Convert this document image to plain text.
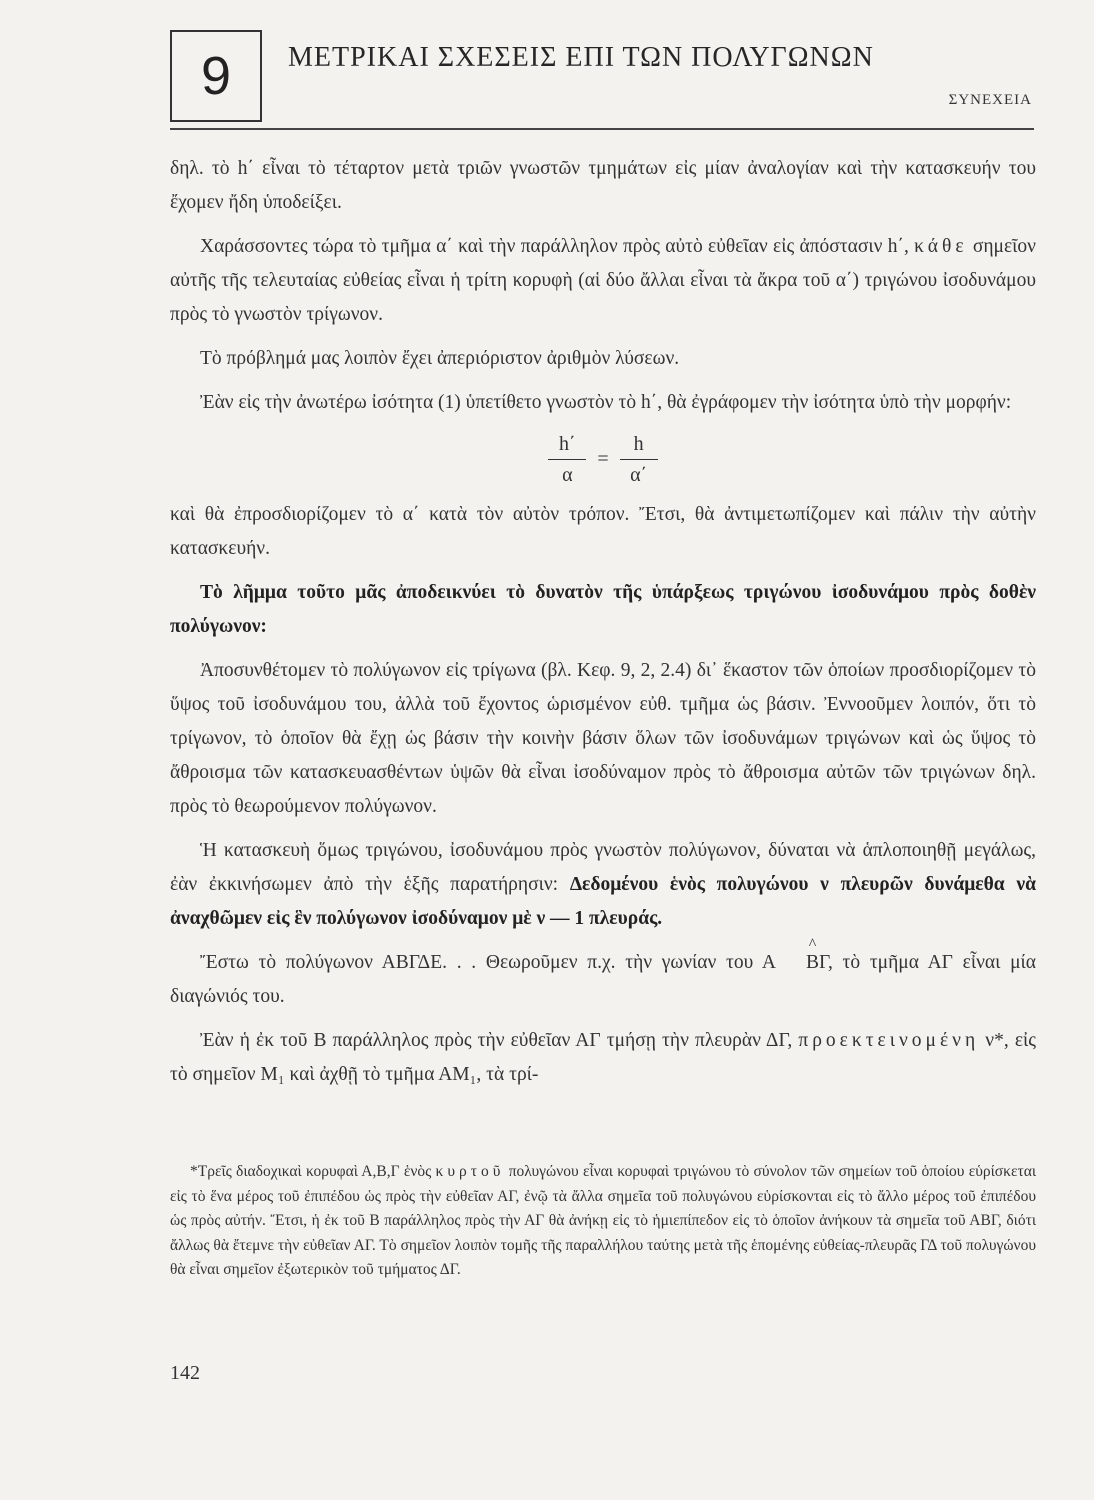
9 ΜΕΤΡΙΚΑΙ ΣΧΕΣΕΙΣ ΕΠΙ ΤΩΝ ΠΟΛΥΓΩΝΩΝ
ΣΥΝΕΧΕΙΑ

δηλ. τὸ h΄ εἶναι τὸ τέταρτον μετὰ τριῶν γνωστῶν τμημάτων εἰς μίαν ἀναλογίαν καὶ τὴν κατασκευήν του ἔχομεν ἤδη ὑποδείξει.

Χαράσσοντες τώρα τὸ τμῆμα α΄ καὶ τὴν παράλληλον πρὸς αὐτὸ εὐθεῖαν εἰς ἀπόστασιν h΄, κάθε σημεῖον αὐτῆς τῆς τελευταίας εὐθείας εἶναι ἡ τρίτη κορυφὴ (αἱ δύο ἄλλαι εἶναι τὰ ἄκρα τοῦ α΄) τριγώνου ἰσοδυνάμου πρὸς τὸ γνωστὸν τρίγωνον.

Τὸ πρόβλημά μας λοιπὸν ἔχει ἀπεριόριστον ἀριθμὸν λύσεων.

Ἐὰν εἰς τὴν ἀνωτέρω ἰσότητα (1) ὑπετίθετο γνωστὸν τὸ h΄, θὰ ἐγράφομεν τὴν ἰσότητα ὑπὸ τὴν μορφήν:

$\frac{h΄}{\alpha} = \frac{h}{\alpha΄}$

καὶ θὰ ἐπροσδιορίζομεν τὸ α΄ κατὰ τὸν αὐτὸν τρόπον. Ἔτσι, θὰ ἀντιμετωπίζομεν καὶ πάλιν τὴν αὐτὴν κατασκευήν.

Τὸ λῆμμα τοῦτο μᾶς ἀποδεικνύει τὸ δυνατὸν τῆς ὑπάρξεως τριγώνου ἰσοδυνάμου πρὸς δοθὲν πολύγωνον:

Ἀποσυνθέτομεν τὸ πολύγωνον εἰς τρίγωνα (βλ. Κεφ. 9, 2, 2.4) δι᾽ ἕκαστον τῶν ὁποίων προσδιορίζομεν τὸ ὕψος τοῦ ἰσοδυνάμου του, ἀλλὰ τοῦ ἔχοντος ὡρισμένον εὐθ. τμῆμα ὡς βάσιν. Ἐννοοῦμεν λοιπόν, ὅτι τὸ τρίγωνον, τὸ ὁποῖον θὰ ἔχῃ ὡς βάσιν τὴν κοινὴν βάσιν ὅλων τῶν ἰσοδυνάμων τριγώνων καὶ ὡς ὕψος τὸ ἄθροισμα τῶν κατασκευασθέντων ὑψῶν θὰ εἶναι ἰσοδύναμον πρὸς τὸ ἄθροισμα αὐτῶν τῶν τριγώνων δηλ. πρὸς τὸ θεωρούμενον πολύγωνον.

Ἡ κατασκευὴ ὅμως τριγώνου, ἰσοδυνάμου πρὸς γνωστὸν πολύγωνον, δύναται νὰ ἁπλοποιηθῇ μεγάλως, ἐὰν ἐκκινήσωμεν ἀπὸ τὴν ἑξῆς παρατήρησιν: Δεδομένου ἑνὸς πολυγώνου ν πλευρῶν δυνάμεθα νὰ ἀναχθῶμεν εἰς ἓν πολύγωνον ἰσοδύναμον μὲ ν — 1 πλευράς.

Ἔστω τὸ πολύγωνον ΑΒΓΔΕ. . . Θεωροῦμεν π.χ. τὴν γωνίαν του Α^ ΒΓ, τὸ τμῆμα ΑΓ εἶναι μία διαγώνιός του.

Ἐὰν ἡ ἐκ τοῦ Β παράλληλος πρὸς τὴν εὐθεῖαν ΑΓ τμήσῃ τὴν πλευρὰν ΔΓ, προεκτεινομένη ν*, εἰς τὸ σημεῖον Μ₁ καὶ ἀχθῇ τὸ τμῆμα ΑΜ₁, τὰ τρί-

*Τρεῖς διαδοχικαὶ κορυφαὶ Α,Β,Γ ἑνὸς κυρτοῦ πολυγώνου εἶναι κορυφαὶ τριγώνου τὸ σύνολον τῶν σημείων τοῦ ὁποίου εὑρίσκεται εἰς τὸ ἕνα μέρος τοῦ ἐπιπέδου ὡς πρὸς τὴν εὐθεῖαν ΑΓ, ἐνῷ τὰ ἄλλα σημεῖα τοῦ πολυγώνου εὑρίσκονται εἰς τὸ ἄλλο μέρος τοῦ ἐπιπέδου ὡς πρὸς αὐτήν. Ἔτσι, ἡ ἐκ τοῦ Β παράλληλος πρὸς τὴν ΑΓ θὰ ἀνήκῃ εἰς τὸ ἡμιεπίπεδον εἰς τὸ ὁποῖον ἀνήκουν τὰ σημεῖα τοῦ ΑΒΓ, διότι ἄλλως θὰ ἔτεμνε τὴν εὐθεῖαν ΑΓ. Τὸ σημεῖον λοιπὸν τομῆς τῆς παραλλήλου ταύτης μετὰ τῆς ἑπομένης εὐθείας-πλευρᾶς ΓΔ τοῦ πολυγώνου θὰ εἶναι σημεῖον ἐξωτερικὸν τοῦ τμήματος ΔΓ.

142
